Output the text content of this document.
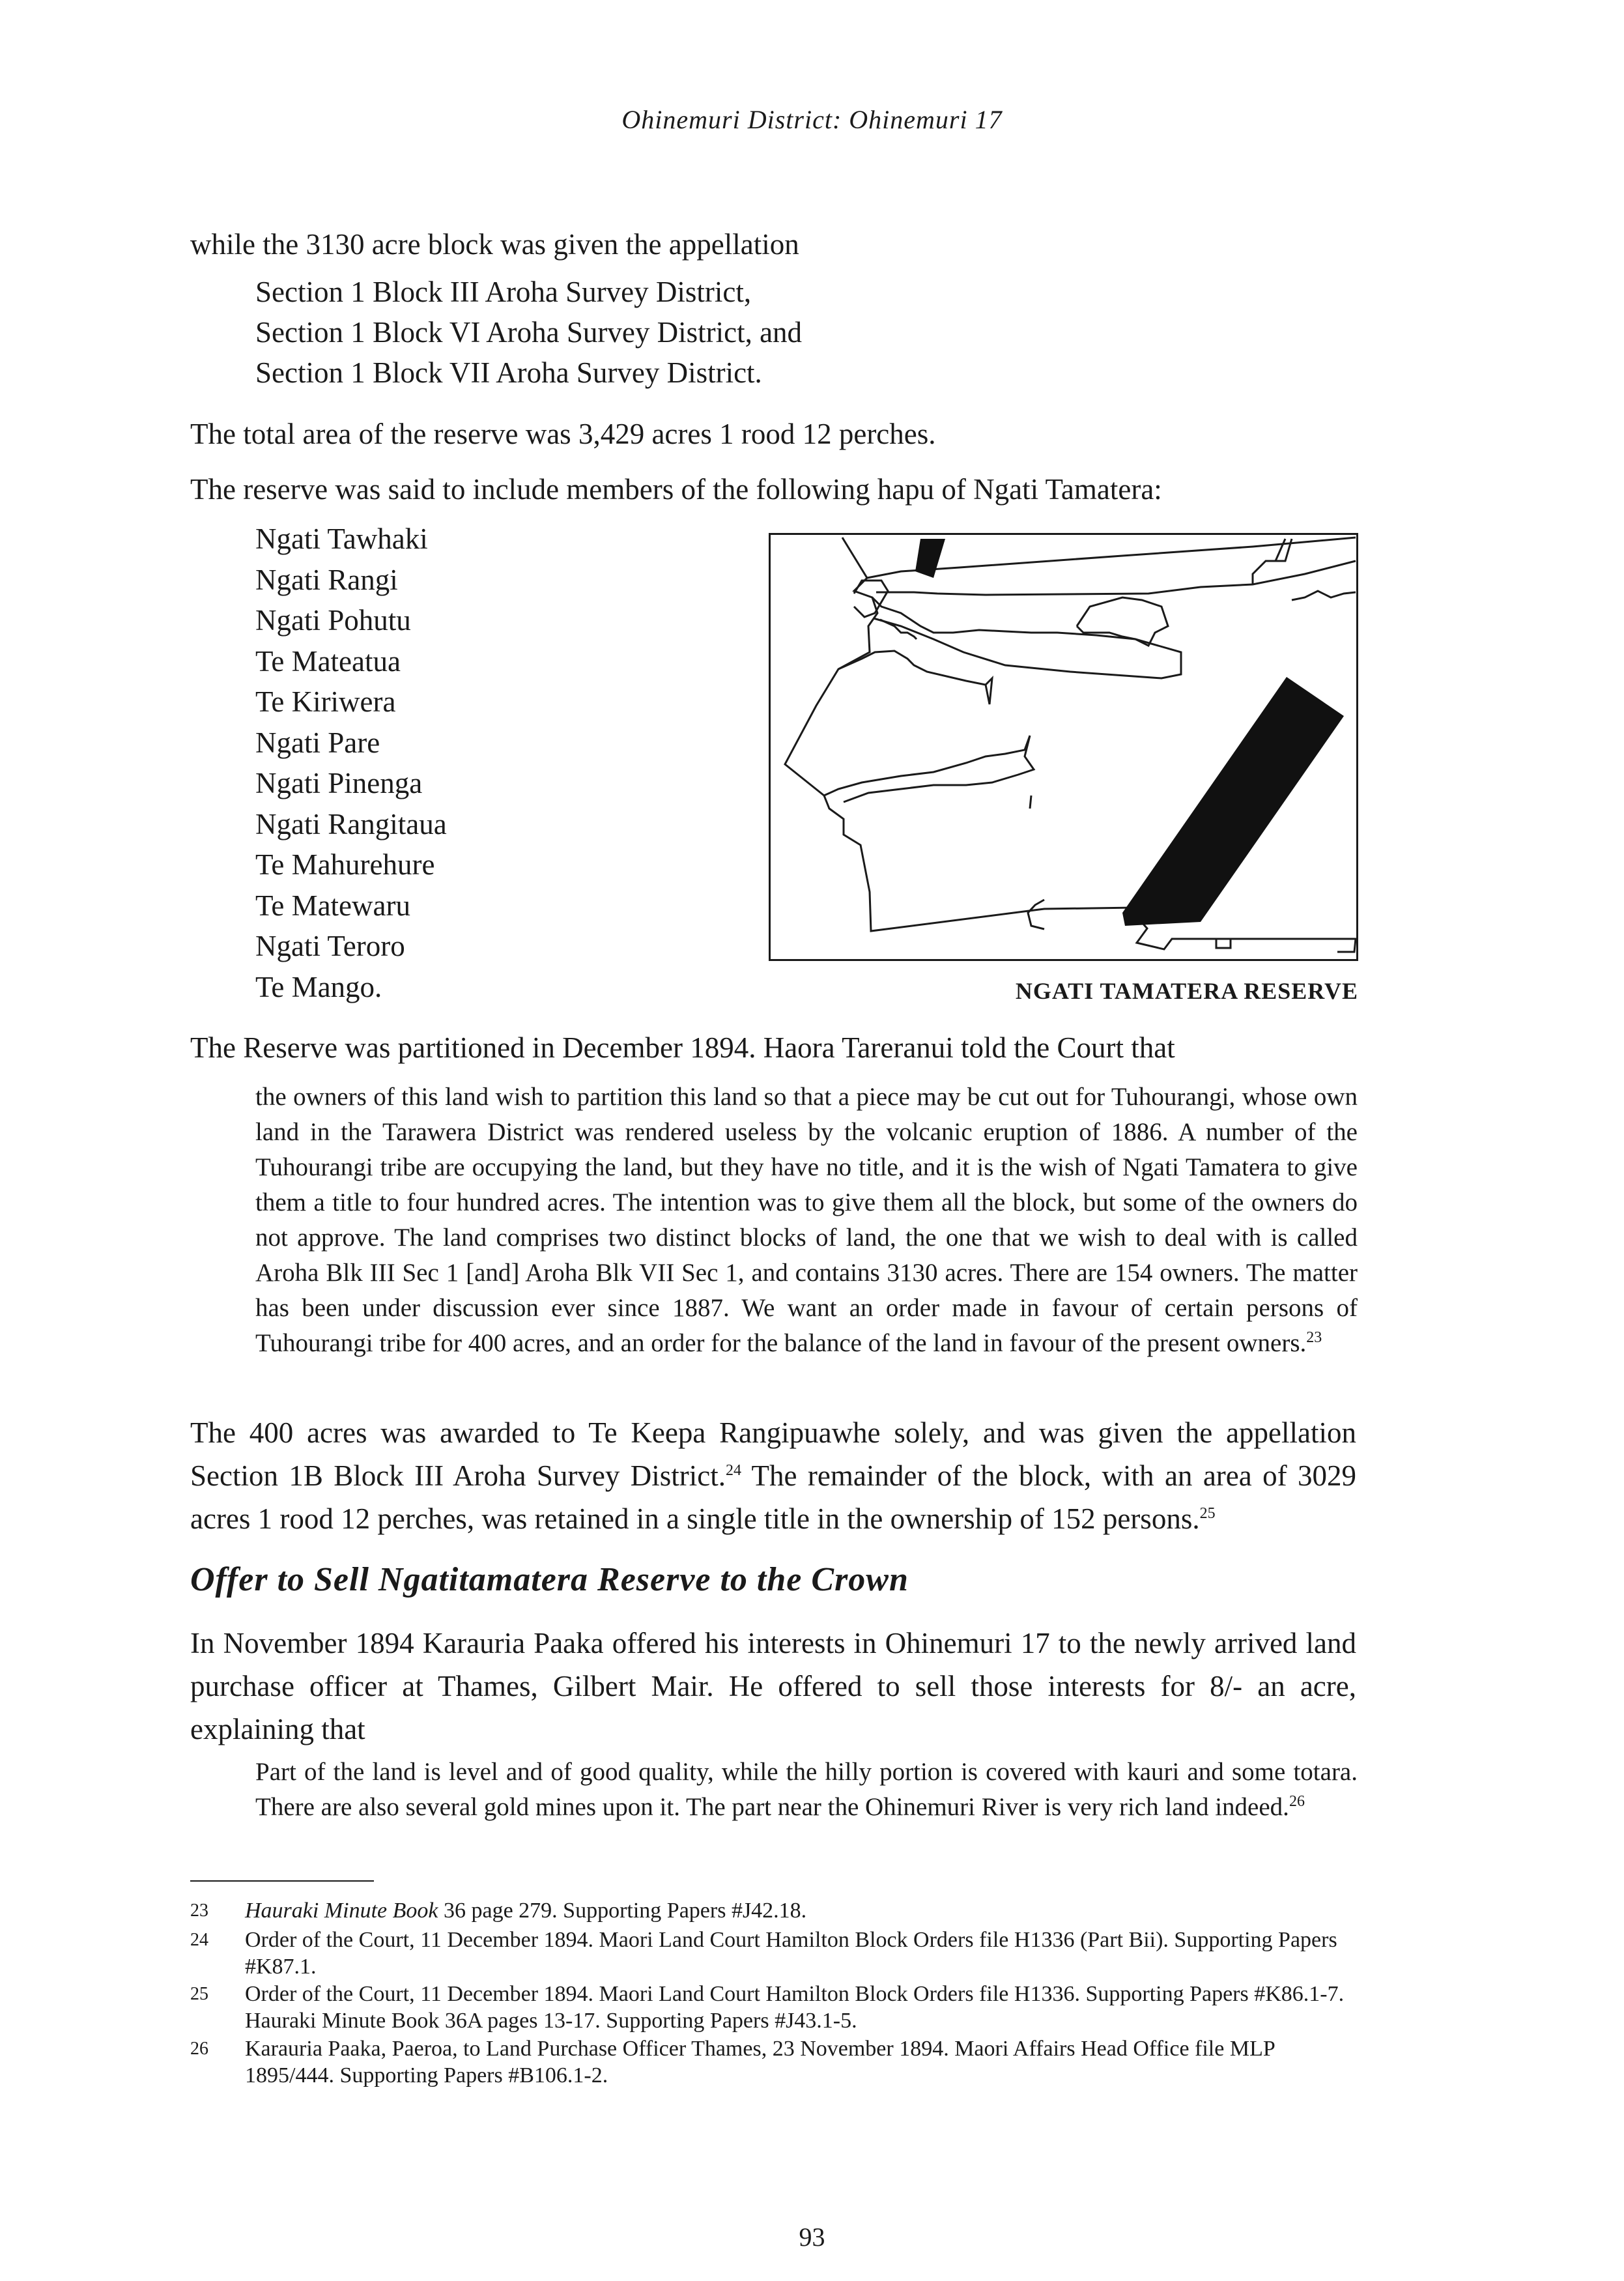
Ohinemuri District: Ohinemuri 17

while the 3130 acre block was given the appellation

Section 1 Block III Aroha Survey District,
Section 1 Block VI Aroha Survey District, and
Section 1 Block VII Aroha Survey District.

The total area of the reserve was 3,429 acres 1 rood 12 perches.

The reserve was said to include members of the following hapu of Ngati Tamatera:

Ngati Tawhaki
Ngati Rangi
Ngati Pohutu
Te Mateatua
Te Kiriwera
Ngati Pare
Ngati Pinenga
Ngati Rangitaua
Te Mahurehure
Te Matewaru
Ngati Teroro
Te Mango.	NGATI TAMATERA RESERVE

The Reserve was partitioned in December 1894. Haora Tareranui told the Court that

the owners of this land wish to partition this land so that a piece may be cut out for Tuhourangi, whose own land in the Tarawera District was rendered useless by the volcanic eruption of 1886. A number of the Tuhourangi tribe are occupying the land, but they have no title, and it is the wish of Ngati Tamatera to give them a title to four hundred acres. The intention was to give them all the block, but some of the owners do not approve. The land comprises two distinct blocks of land, the one that we wish to deal with is called Aroha Blk III Sec 1 [and] Aroha Blk VII Sec 1, and contains 3130 acres. There are 154 owners. The matter has been under discussion ever since 1887. We want an order made in favour of certain persons of Tuhourangi tribe for 400 acres, and an order for the balance of the land in favour of the present owners.$^{23}$

The 400 acres was awarded to Te Keepa Rangipuawhe solely, and was given the appellation Section 1B Block III Aroha Survey District.$^{24}$ The remainder of the block, with an area of 3029 acres 1 rood 12 perches, was retained in a single title in the ownership of 152 persons.$^{25}$

Offer to Sell Ngatitamatera Reserve to the Crown

In November 1894 Karauria Paaka offered his interests in Ohinemuri 17 to the newly arrived land purchase officer at Thames, Gilbert Mair. He offered to sell those interests for 8/- an acre, explaining that

Part of the land is level and of good quality, while the hilly portion is covered with kauri and some totara. There are also several gold mines upon it. The part near the Ohinemuri River is very rich land indeed.$^{26}$

23 Hauraki Minute Book 36 page 279. Supporting Papers #J42.18.
24 Order of the Court, 11 December 1894. Maori Land Court Hamilton Block Orders file H1336 (Part Bii). Supporting Papers #K87.1.
25 Order of the Court, 11 December 1894. Maori Land Court Hamilton Block Orders file H1336. Supporting Papers #K86.1-7. Hauraki Minute Book 36A pages 13-17. Supporting Papers #J43.1-5.
26 Karauria Paaka, Paeroa, to Land Purchase Officer Thames, 23 November 1894. Maori Affairs Head Office file MLP 1895/444. Supporting Papers #B106.1-2.
93
